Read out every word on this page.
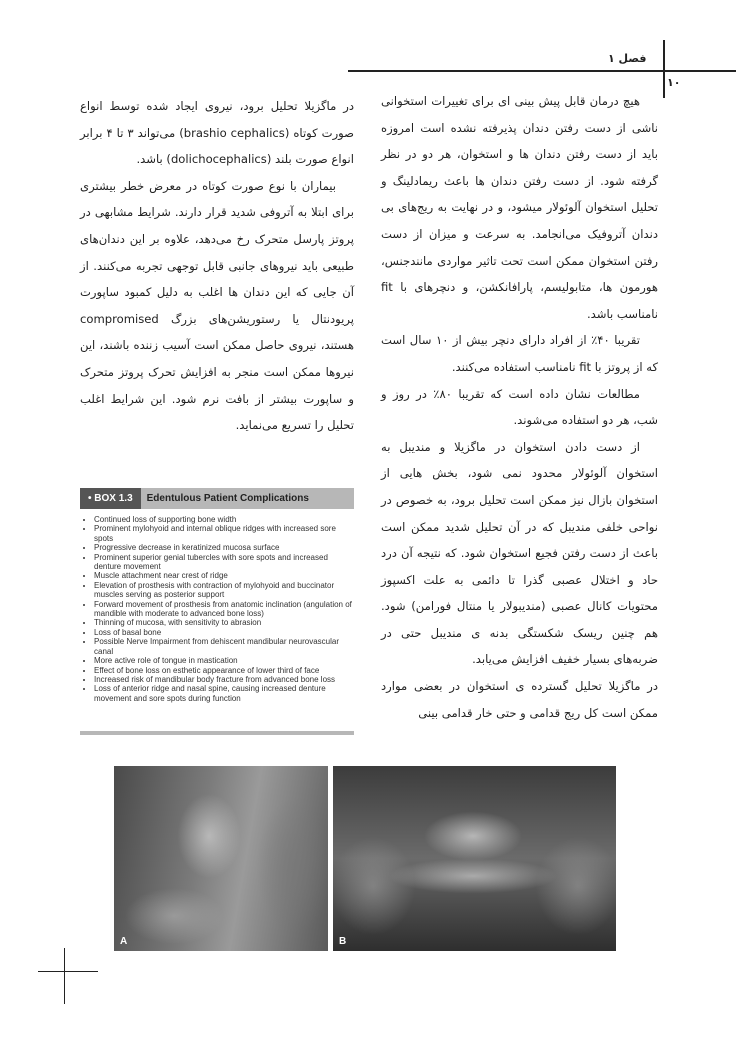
فصل ۱
۱۰

هیچ درمان قابل پیش بینی ای برای تغییرات استخوانی ناشی از دست رفتن دندان پذیرفته نشده است امروزه باید از دست رفتن دندان ها و استخوان، هر دو در نظر گرفته شود. از دست رفتن دندان ها باعث ریمادلینگ و تحلیل استخوان آلوئولار میشود، و در نهایت به ریج‌های بی دندان آتروفیک می‌انجامد. به سرعت و میزان از دست رفتن استخوان ممکن است تحت تاثیر مواردی مانندجنس، هورمون ها، متابولیسم، پارافانکشن، و دنچرهای با fit نامناسب باشد.

تقریبا ۴۰٪ از افراد دارای دنچر بیش از ۱۰ سال است که از پروتز با fit نامناسب استفاده می‌کنند.

مطالعات نشان داده است که تقریبا ۸۰٪ در روز و شب، هر دو استفاده می‌شوند.

از دست دادن استخوان در ماگزیلا و مندیبل به استخوان آلوئولار محدود نمی شود، بخش هایی از استخوان بازال نیز ممکن است تحلیل برود، به خصوص در نواحی خلفی مندیبل که در آن تحلیل شدید ممکن است باعث از دست رفتن فجیع استخوان شود. که نتیجه آن درد حاد و اختلال عصبی گذرا تا دائمی به علت اکسپوز محتویات کانال عصبی (مندیبولار یا منتال فورامن) شود. هم چنین ریسک شکستگی بدنه ی مندیبل حتی در ضربه‌های بسیار خفیف افزایش می‌یابد.

در ماگزیلا تحلیل گسترده ی استخوان در بعضی موارد ممکن است کل ریج قدامی و حتی خار قدامی بینی

در ماگزیلا تحلیل برود، نیروی ایجاد شده توسط انواع صورت کوتاه (brashio cephalics) می‌تواند ۳ تا ۴ برابر انواع صورت بلند (dolichocephalics) باشد.

بیماران با نوع صورت کوتاه در معرض خطر بیشتری برای ابتلا به آتروفی شدید قرار دارند. شرایط مشابهی در پروتز پارسل متحرک رخ می‌دهد، علاوه بر این دندان‌های طبیعی باید نیروهای جانبی قابل توجهی تجربه می‌کنند. از آن جایی که این دندان ها اغلب به دلیل کمبود ساپورت پریودنتال یا رستوریشن‌های بزرگ compromised هستند، نیروی حاصل ممکن است آسیب زننده باشند، این نیروها ممکن است منجر به افزایش تحرک پروتز متحرک و ساپورت بیشتر از بافت نرم شود. این شرایط اغلب تحلیل را تسریع می‌نماید.

• BOX 1.3	Edentulous Patient Complications
• Continued loss of supporting bone width
• Prominent mylohyoid and internal oblique ridges with increased sore spots
• Progressive decrease in keratinized mucosa surface
• Prominent superior genial tubercles with sore spots and increased denture movement
• Muscle attachment near crest of ridge
• Elevation of prosthesis with contraction of mylohyoid and buccinator muscles serving as posterior support
• Forward movement of prosthesis from anatomic inclination (angulation of mandible with moderate to advanced bone loss)
• Thinning of mucosa, with sensitivity to abrasion
• Loss of basal bone
• Possible Nerve Impairment from dehiscent mandibular neurovascular canal
• More active role of tongue in mastication
• Effect of bone loss on esthetic appearance of lower third of face
• Increased risk of mandibular body fracture from advanced bone loss
• Loss of anterior ridge and nasal spine, causing increased denture movement and sore spots during function
A	B
